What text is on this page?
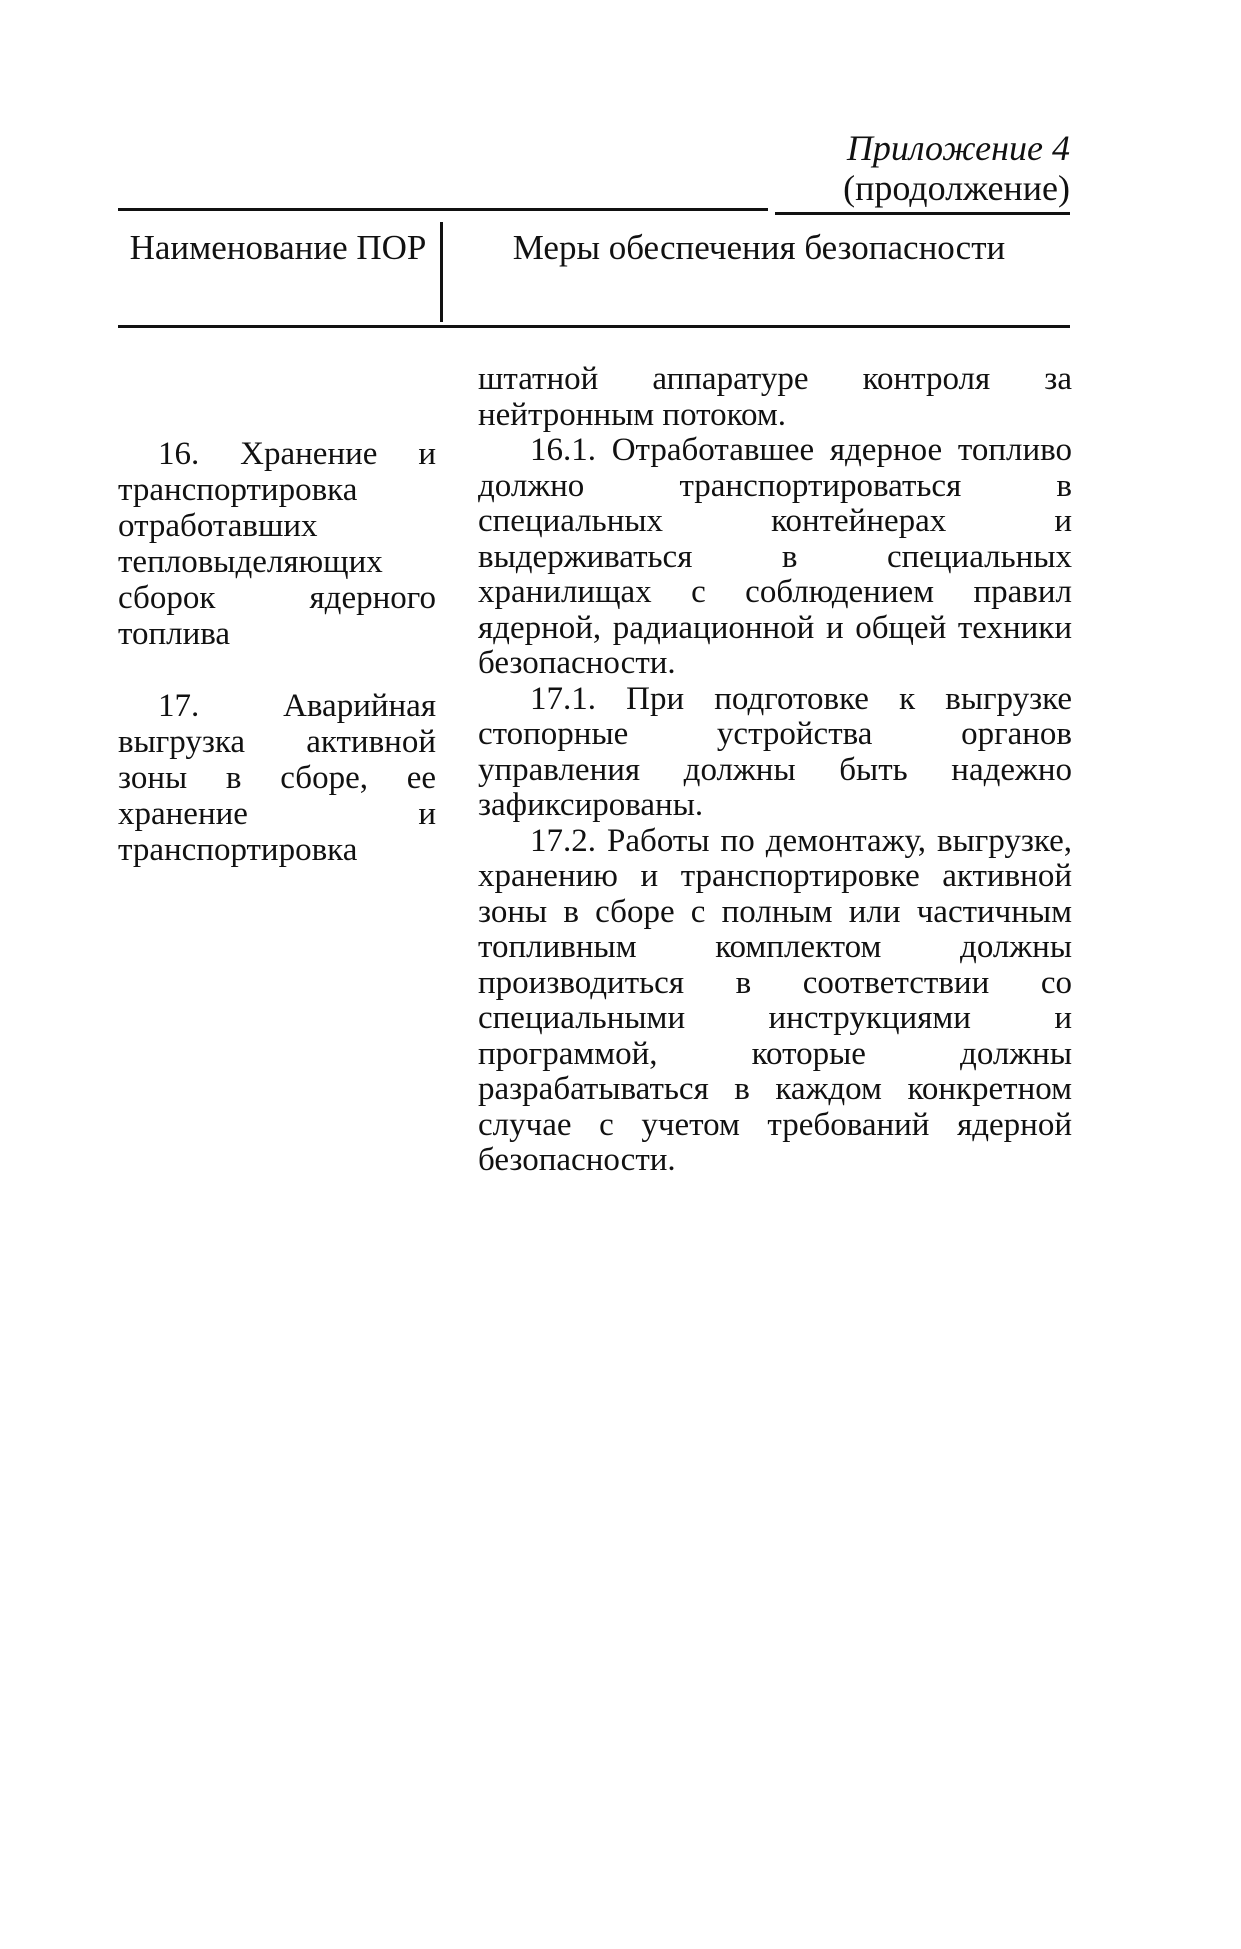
Приложение 4
(продолжение)
Наименование ПОР	Меры обеспечения безопасности

штатной аппаратуре контроля за нейтронным потоком.

16.1. Отработавшее ядерное топливо должно транспортироваться в специальных контейнерах и выдерживаться в специальных хранилищах с соблюдением правил ядерной, радиационной и общей техники безопасности.

17.1. При подготовке к выгрузке стопорные устройства органов управления должны быть надежно зафиксированы.

17.2. Работы по демонтажу, выгрузке, хранению и транспортировке активной зоны в сборе с полным или частичным топливным комплектом должны производиться в соответствии со специальными инструкциями и программой, которые должны разрабатываться в каждом конкретном случае с учетом требований ядерной безопасности.

16. Хранение и транспортировка отработавших тепловыделяющих сборок ядерного топлива

17. Аварийная выгрузка активной зоны в сборе, ее хранение и транспортировка
